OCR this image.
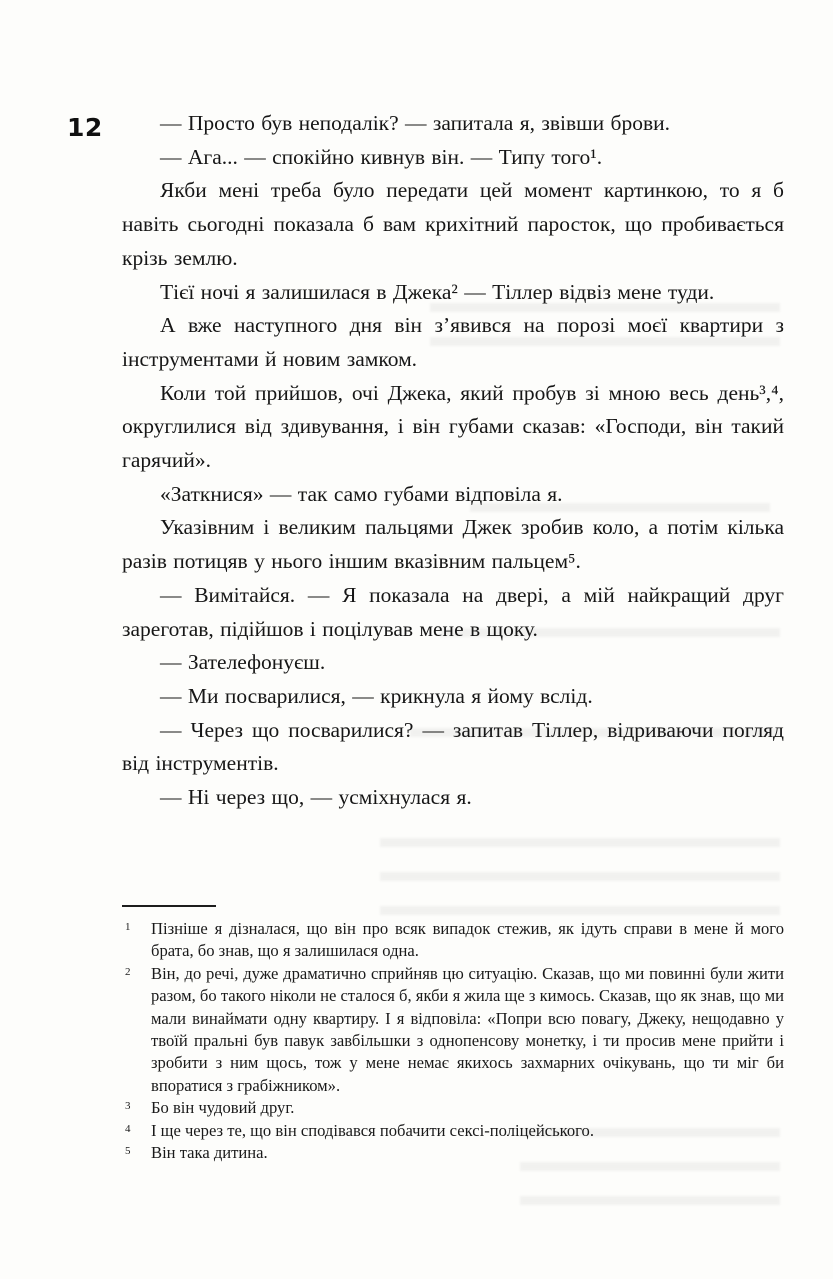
12	— Просто був неподалік? — запитала я, звівши брови.

— Ага... — спокійно кивнув він. — Типу того¹.

Якби мені треба було передати цей момент картинкою, то я б навіть сьогодні показала б вам крихітний паросток, що пробивається крізь землю.

Тієї ночі я залишилася в Джека² — Тіллер відвіз мене туди.

А вже наступного дня він з’явився на порозі моєї квартири з інструментами й новим замком.

Коли той прийшов, очі Джека, який пробув зі мною весь день³,⁴, округлилися від здивування, і він губами сказав: «Господи, він такий гарячий».

«Заткнися» — так само губами відповіла я.

Указівним і великим пальцями Джек зробив коло, а потім кілька разів потицяв у нього іншим вказівним пальцем⁵.

— Вимітайся. — Я показала на двері, а мій найкращий друг зареготав, підійшов і поцілував мене в щоку.

— Зателефонуєш.

— Ми посварилися, — крикнула я йому вслід.

— Через що посварилися? — запитав Тіллер, відриваючи погляд від інструментів.

— Ні через що, — усміхнулася я.

1 Пізніше я дізналася, що він про всяк випадок стежив, як ідуть справи в мене й мого брата, бо знав, що я залишилася одна.
2 Він, до речі, дуже драматично сприйняв цю ситуацію. Сказав, що ми повинні були жити разом, бо такого ніколи не сталося б, якби я жила ще з кимось. Сказав, що як знав, що ми мали винаймати одну квартиру. І я відповіла: «Попри всю повагу, Джеку, нещодавно у твоїй пральні був павук завбільшки з однопенсову монетку, і ти просив мене прийти і зробити з ним щось, тож у мене немає якихось захмарних очікувань, що ти міг би впоратися з грабіжником».
3 Бо він чудовий друг.
4 І ще через те, що він сподівався побачити сексі-поліцейського.
5 Він така дитина.
